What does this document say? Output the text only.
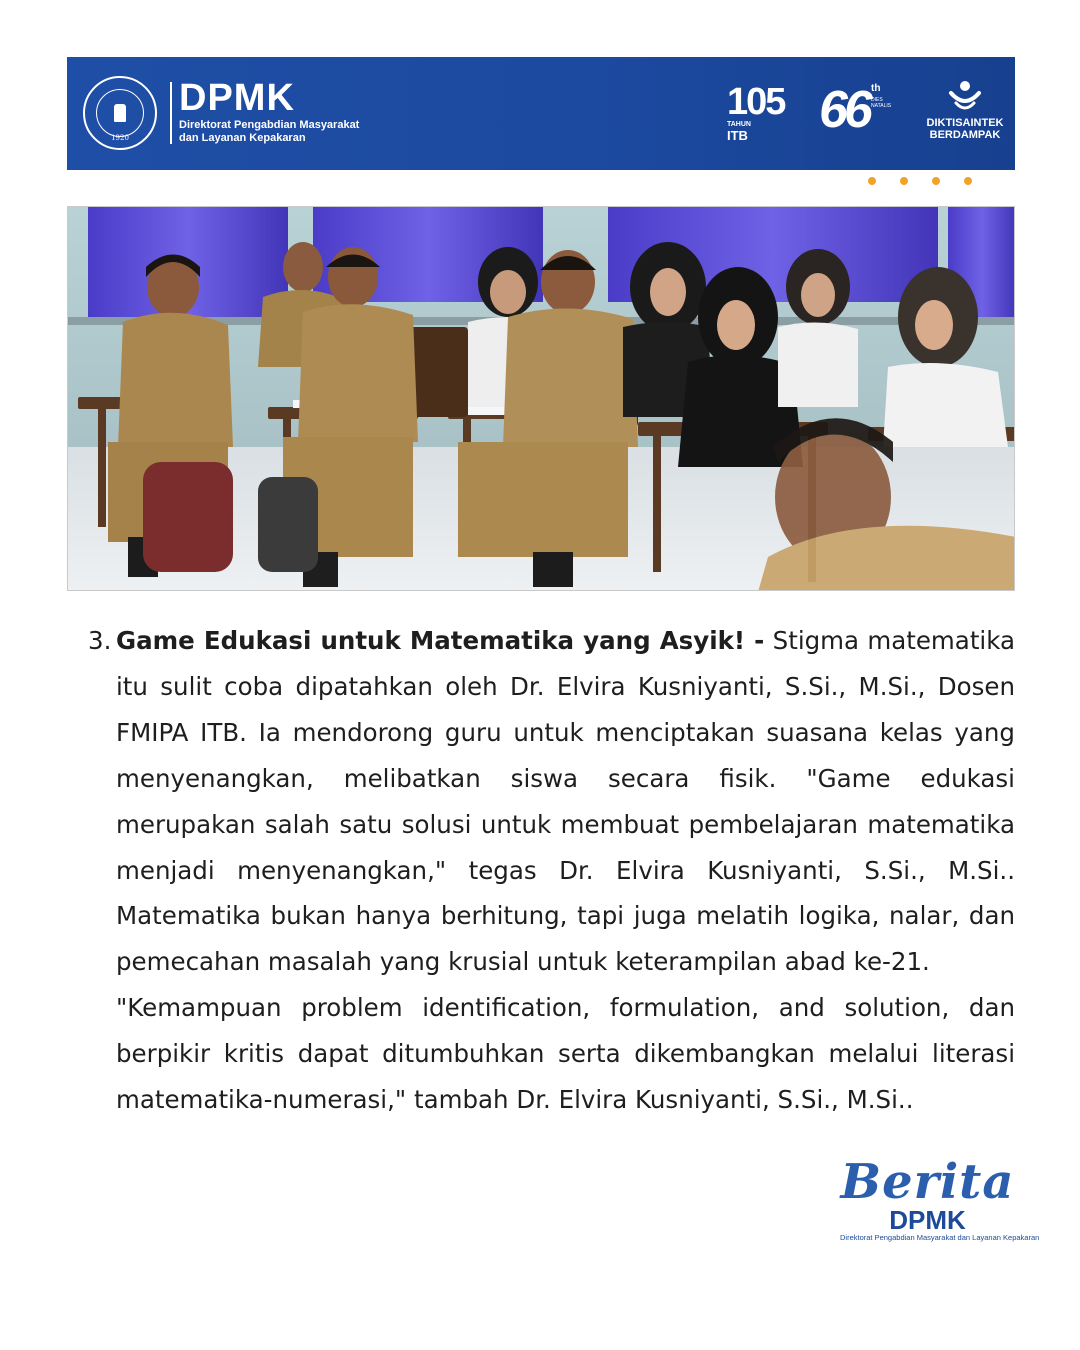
1920
DPMK
Direktorat Pengabdian Masyarakat
dan Layanan Kepakaran
105
TAHUN
ITB	66 th
DIES NATALIS
DIKTISAINTEK
BERDAMPAK
3. Game Edukasi untuk Matematika yang Asyik! - Stigma matematika itu sulit coba dipatahkan oleh Dr. Elvira Kusniyanti, S.Si., M.Si., Dosen FMIPA ITB. Ia mendorong guru untuk menciptakan suasana kelas yang menyenangkan, melibatkan siswa secara fisik. "Game edukasi merupakan salah satu solusi untuk membuat pembelajaran matematika menjadi menyenangkan," tegas Dr. Elvira Kusniyanti, S.Si., M.Si.. Matematika bukan hanya berhitung, tapi juga melatih logika, nalar, dan pemecahan masalah yang krusial untuk keterampilan abad ke-21.
"Kemampuan problem identification, formulation, and solution, dan berpikir kritis dapat ditumbuhkan serta dikembangkan melalui literasi matematika-numerasi," tambah Dr. Elvira Kusniyanti, S.Si., M.Si..
Berita
DPMK
Direktorat Pengabdian Masyarakat dan Layanan Kepakaran
